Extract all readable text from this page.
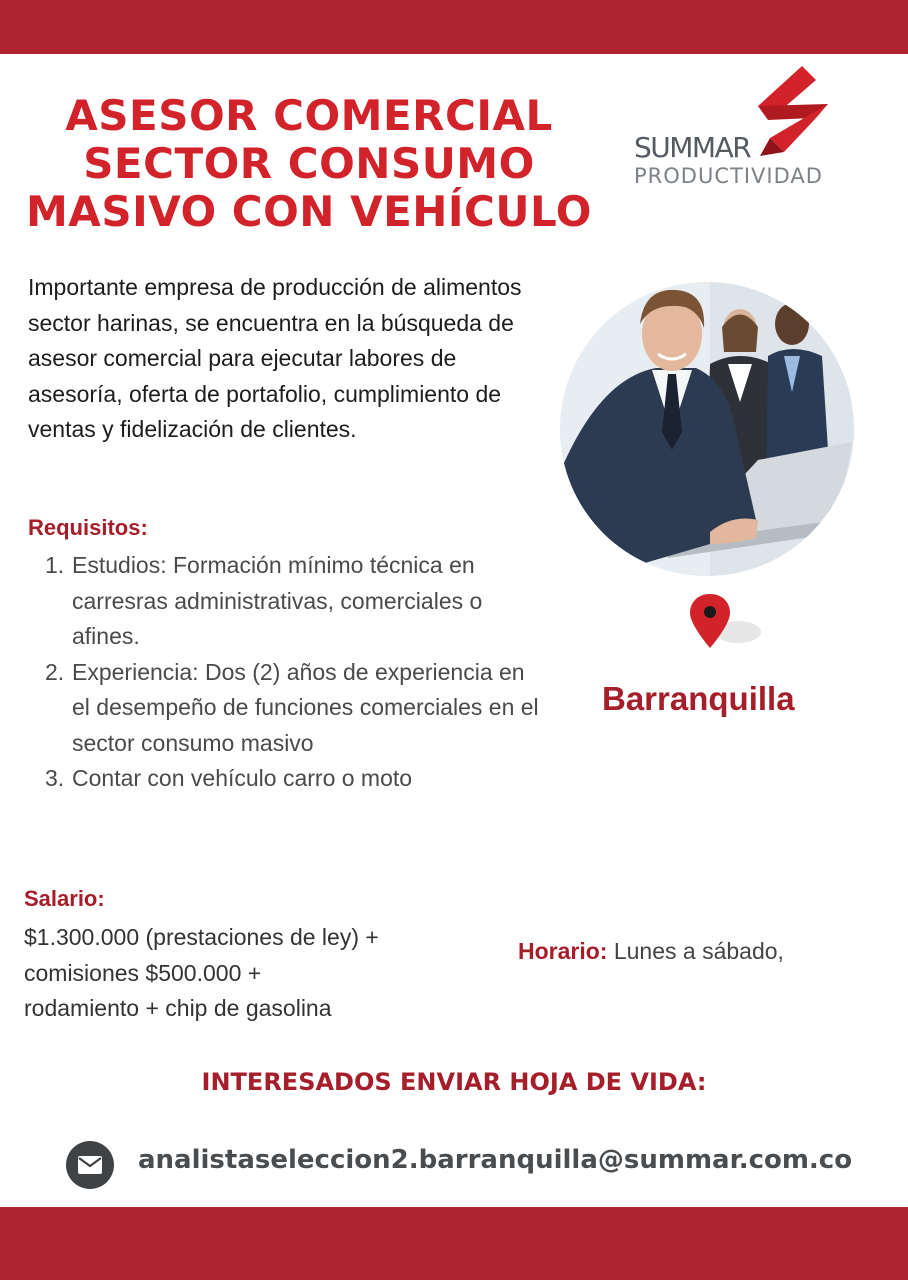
ASESOR COMERCIAL
SECTOR CONSUMO
MASIVO CON VEHÍCULO
SUMMAR
PRODUCTIVIDAD
Importante empresa de producción de alimentos sector harinas, se encuentra en la búsqueda de asesor comercial para ejecutar labores de asesoría, oferta de portafolio, cumplimiento de ventas y fidelización de clientes.
Barranquilla
Requisitos:
1. Estudios: Formación mínimo técnica en carresras administrativas, comerciales o afines.
2. Experiencia: Dos (2) años de experiencia en el desempeño de funciones comerciales en el sector consumo masivo
3. Contar con vehículo carro o moto
Salario:
$1.300.000 (prestaciones de ley) +
comisiones $500.000 +
rodamiento + chip de gasolina
Horario: Lunes a sábado,
INTERESADOS ENVIAR HOJA DE VIDA:
analistaseleccion2.barranquilla@summar.com.co
